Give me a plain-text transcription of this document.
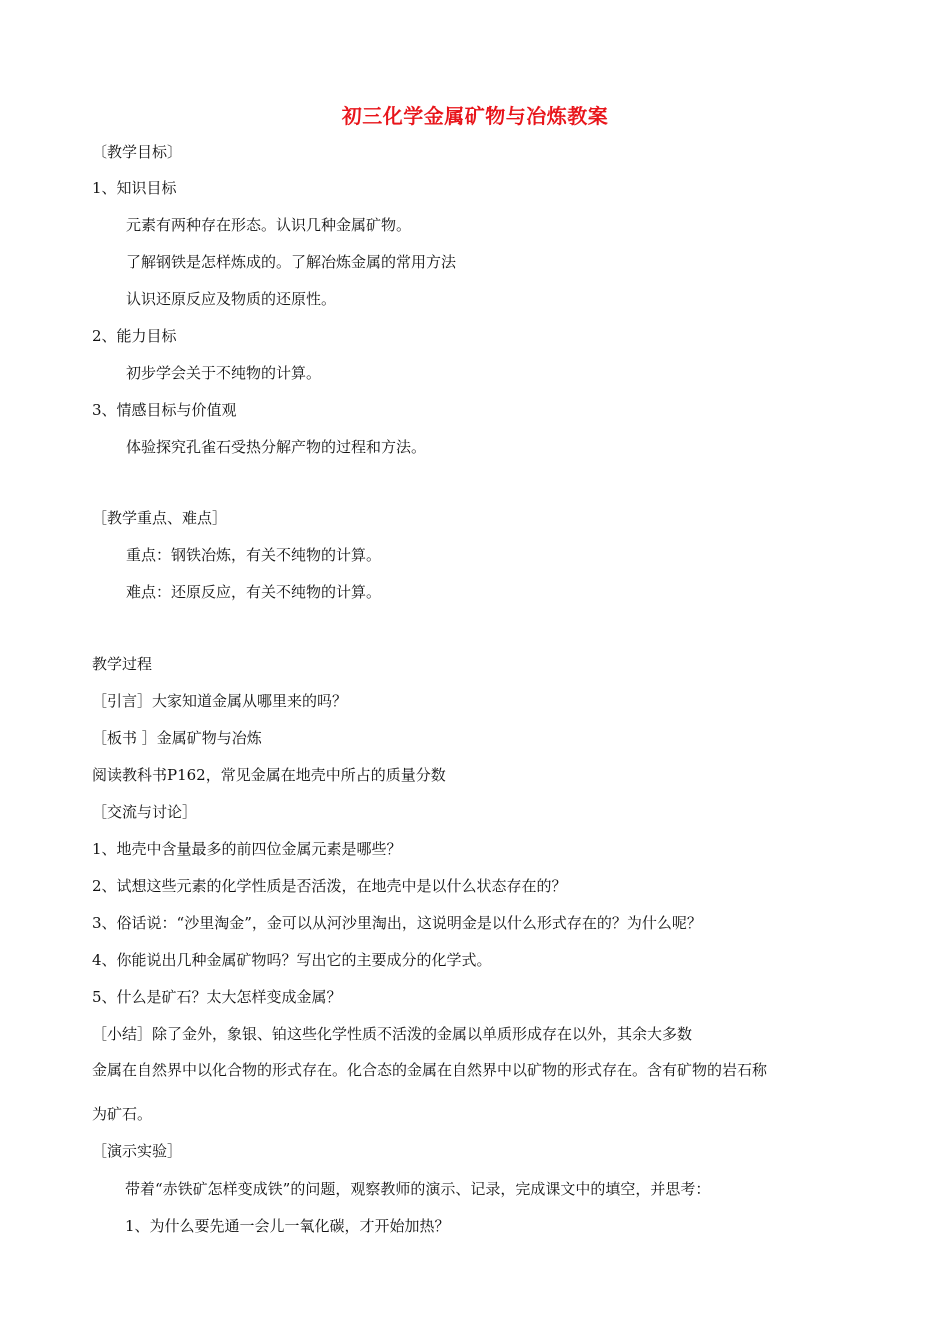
初三化学金属矿物与冶炼教案
〔教学目标〕
1、知识目标
元素有两种存在形态。认识几种金属矿物。
了解钢铁是怎样炼成的。了解冶炼金属的常用方法
认识还原反应及物质的还原性。
2、能力目标
初步学会关于不纯物的计算。
3、情感目标与价值观
体验探究孔雀石受热分解产物的过程和方法。
［教学重点、难点］
重点：钢铁冶炼，有关不纯物的计算。
难点：还原反应，有关不纯物的计算。
教学过程
［引言］大家知道金属从哪里来的吗？
［板书 ］金属矿物与冶炼
阅读教科书P162，常见金属在地壳中所占的质量分数
［交流与讨论］
1、地壳中含量最多的前四位金属元素是哪些？
2、试想这些元素的化学性质是否活泼，在地壳中是以什么状态存在的？
3、俗话说：“沙里淘金”，金可以从河沙里淘出，这说明金是以什么形式存在的？为什么呢？
4、你能说出几种金属矿物吗？写出它的主要成分的化学式。
5、什么是矿石？太大怎样变成金属？
［小结］除了金外，象银、铂这些化学性质不活泼的金属以单质形成存在以外，其余大多数
金属在自然界中以化合物的形式存在。化合态的金属在自然界中以矿物的形式存在。含有矿物的岩石称
为矿石。
［演示实验］
带着“赤铁矿怎样变成铁”的问题，观察教师的演示、记录，完成课文中的填空，并思考：
1、为什么要先通一会儿一氧化碳，才开始加热？
